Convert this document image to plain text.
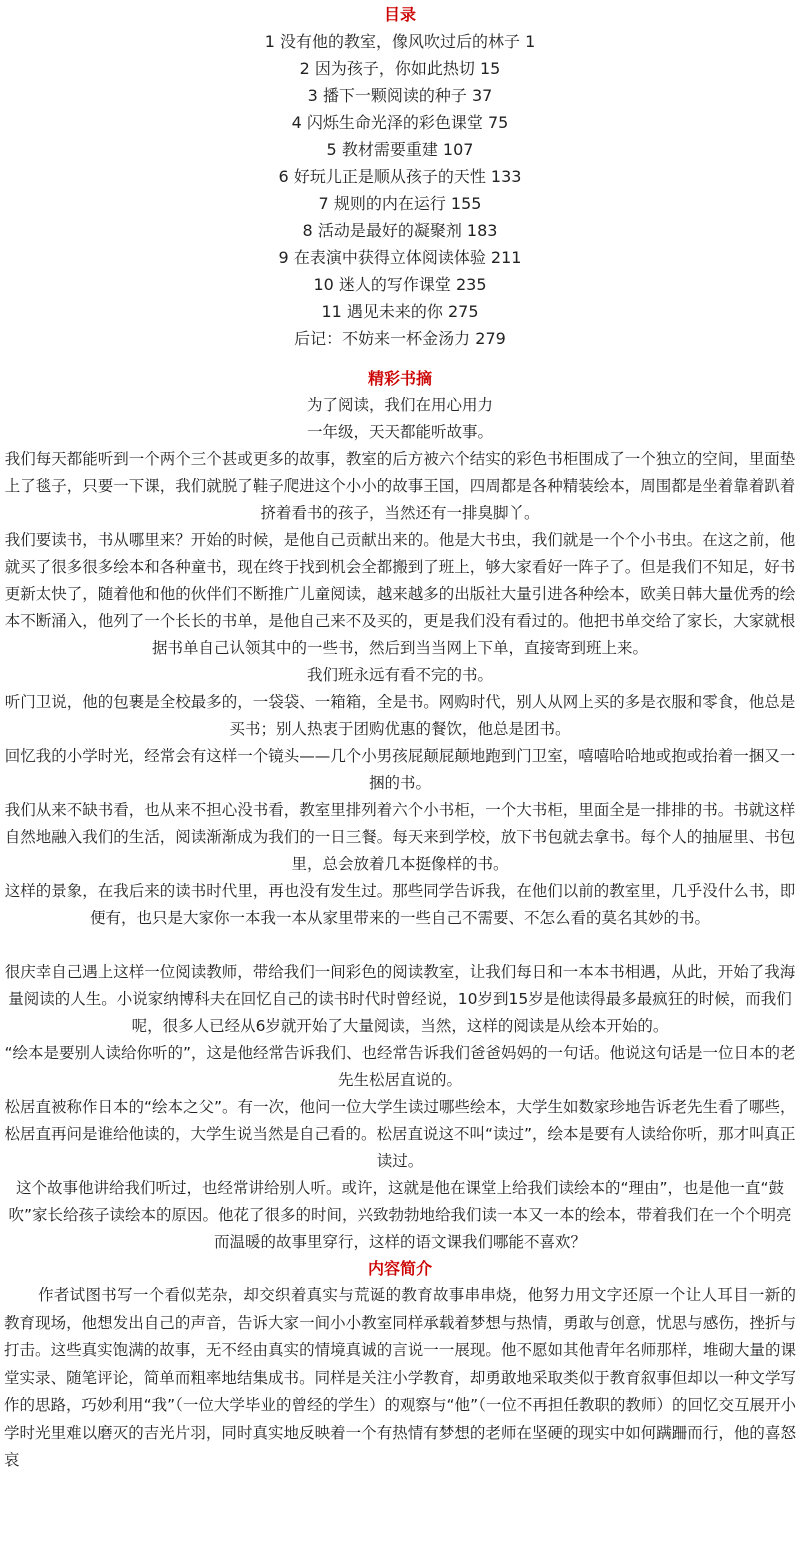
目录
1 没有他的教室，像风吹过后的林子 1
2 因为孩子，你如此热切 15
3 播下一颗阅读的种子 37
4 闪烁生命光泽的彩色课堂 75
5 教材需要重建 107
6 好玩儿正是顺从孩子的天性 133
7 规则的内在运行 155
8 活动是最好的凝聚剂 183
9 在表演中获得立体阅读体验 211
10 迷人的写作课堂 235
11 遇见未来的你 275
后记：不妨来一杯金汤力 279
精彩书摘

为了阅读，我们在用心用力

一年级，天天都能听故事。

我们每天都能听到一个两个三个甚或更多的故事，教室的后方被六个结实的彩色书柜围成了一个独立的空间，里面垫上了毯子，只要一下课，我们就脱了鞋子爬进这个小小的故事王国，四周都是各种精装绘本，周围都是坐着靠着趴着挤着看书的孩子，当然还有一排臭脚丫。

我们要读书，书从哪里来？开始的时候，是他自己贡献出来的。他是大书虫，我们就是一个个小书虫。在这之前，他就买了很多很多绘本和各种童书，现在终于找到机会全都搬到了班上，够大家看好一阵子了。但是我们不知足，好书更新太快了，随着他和他的伙伴们不断推广儿童阅读，越来越多的出版社大量引进各种绘本，欧美日韩大量优秀的绘本不断涌入，他列了一个长长的书单，是他自己来不及买的，更是我们没有看过的。他把书单交给了家长，大家就根据书单自己认领其中的一些书，然后到当当网上下单，直接寄到班上来。

我们班永远有看不完的书。

听门卫说，他的包裹是全校最多的，一袋袋、一箱箱，全是书。网购时代，别人从网上买的多是衣服和零食，他总是买书；别人热衷于团购优惠的餐饮，他总是团书。

回忆我的小学时光，经常会有这样一个镜头——几个小男孩屁颠屁颠地跑到门卫室，嘻嘻哈哈地或抱或抬着一捆又一捆的书。

我们从来不缺书看，也从来不担心没书看，教室里排列着六个小书柜，一个大书柜，里面全是一排排的书。书就这样自然地融入我们的生活，阅读渐渐成为我们的一日三餐。每天来到学校，放下书包就去拿书。每个人的抽屉里、书包里，总会放着几本挺像样的书。

这样的景象，在我后来的读书时代里，再也没有发生过。那些同学告诉我，在他们以前的教室里，几乎没什么书，即便有，也只是大家你一本我一本从家里带来的一些自己不需要、不怎么看的莫名其妙的书。

很庆幸自己遇上这样一位阅读教师，带给我们一间彩色的阅读教室，让我们每日和一本本书相遇，从此，开始了我海量阅读的人生。小说家纳博科夫在回忆自己的读书时代时曾经说，10岁到15岁是他读得最多最疯狂的时候，而我们呢，很多人已经从6岁就开始了大量阅读，当然，这样的阅读是从绘本开始的。

“绘本是要别人读给你听的”，这是他经常告诉我们、也经常告诉我们爸爸妈妈的一句话。他说这句话是一位日本的老先生松居直说的。

松居直被称作日本的“绘本之父”。有一次，他问一位大学生读过哪些绘本，大学生如数家珍地告诉老先生看了哪些，松居直再问是谁给他读的，大学生说当然是自己看的。松居直说这不叫“读过”，绘本是要有人读给你听，那才叫真正读过。

这个故事他讲给我们听过，也经常讲给别人听。或许，这就是他在课堂上给我们读绘本的“理由”，也是他一直“鼓吹”家长给孩子读绘本的原因。他花了很多的时间，兴致勃勃地给我们读一本又一本的绘本，带着我们在一个个明亮而温暖的故事里穿行，这样的语文课我们哪能不喜欢？

内容简介

作者试图书写一个看似芜杂，却交织着真实与荒诞的教育故事串串烧，他努力用文字还原一个让人耳目一新的教育现场，他想发出自己的声音，告诉大家一间小小教室同样承载着梦想与热情，勇敢与创意，忧思与感伤，挫折与打击。这些真实饱满的故事，无不经由真实的情境真诚的言说一一展现。他不愿如其他青年名师那样，堆砌大量的课堂实录、随笔评论，简单而粗率地结集成书。同样是关注小学教育，却勇敢地采取类似于教育叙事但却以一种文学写作的思路，巧妙利用“我”（一位大学毕业的曾经的学生）的观察与“他”（一位不再担任教职的教师）的回忆交互展开小学时光里难以磨灭的吉光片羽，同时真实地反映着一个有热情有梦想的老师在坚硬的现实中如何蹒跚而行，他的喜怒哀
